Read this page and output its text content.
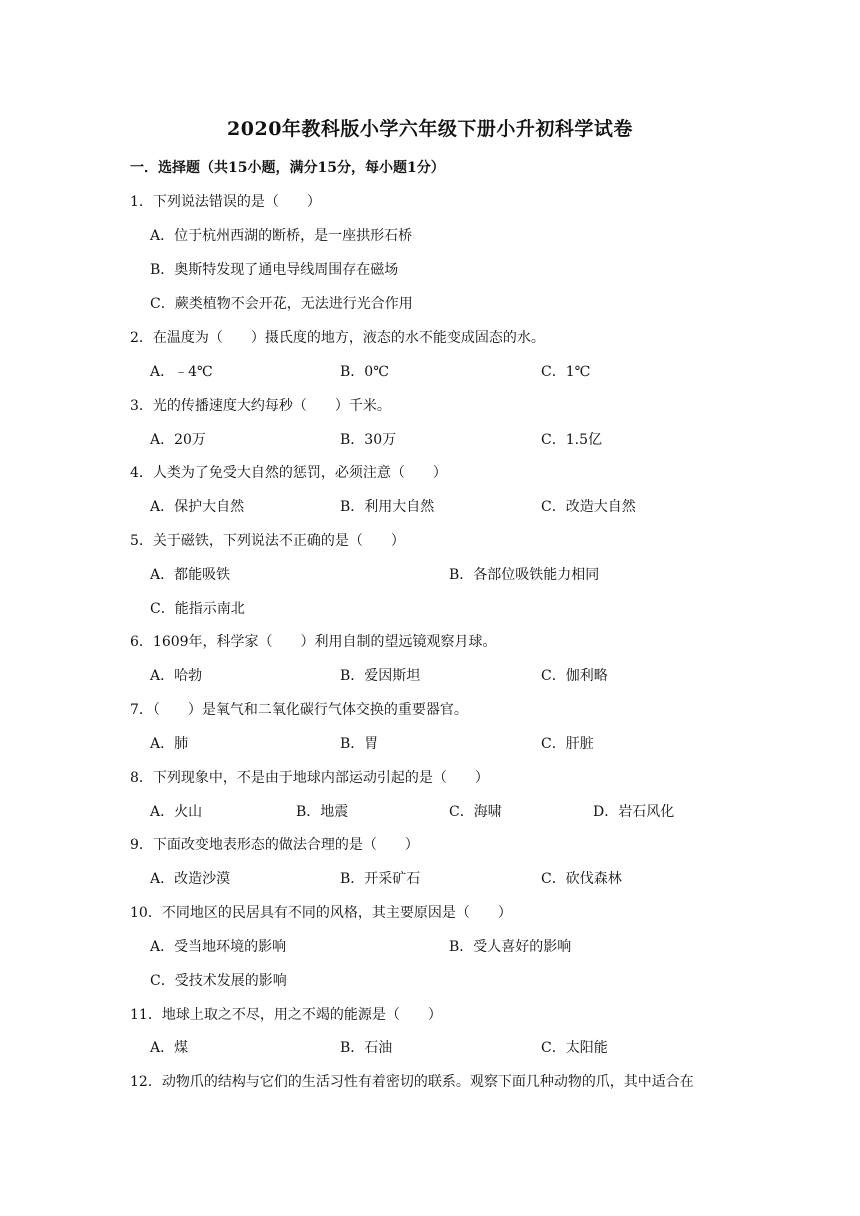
2020年教科版小学六年级下册小升初科学试卷
一．选择题（共15小题，满分15分，每小题1分）
1．下列说法错误的是（　　）
A．位于杭州西湖的断桥，是一座拱形石桥
B．奥斯特发现了通电导线周围存在磁场
C．蕨类植物不会开花，无法进行光合作用
2．在温度为（　　）摄氏度的地方，液态的水不能变成固态的水。
A．﹣4℃	B．0℃	C．1℃
3．光的传播速度大约每秒（　　）千米。
A．20万	B．30万	C．1.5亿
4．人类为了免受大自然的惩罚，必须注意（　　）
A．保护大自然	B．利用大自然	C．改造大自然
5．关于磁铁，下列说法不正确的是（　　）
A．都能吸铁	B．各部位吸铁能力相同
C．能指示南北
6．1609年，科学家（　　）利用自制的望远镜观察月球。
A．哈勃	B．爱因斯坦	C．伽利略
7．（　　）是氧气和二氧化碳行气体交换的重要器官。
A．肺	B．胃	C．肝脏
8．下列现象中，不是由于地球内部运动引起的是（　　）
A．火山	B．地震	C．海啸	D．岩石风化
9．下面改变地表形态的做法合理的是（　　）
A．改造沙漠	B．开采矿石	C．砍伐森林
10．不同地区的民居具有不同的风格，其主要原因是（　　）
A．受当地环境的影响	B．受人喜好的影响
C．受技术发展的影响
11．地球上取之不尽，用之不竭的能源是（　　）
A．煤	B．石油	C．太阳能
12．动物爪的结构与它们的生活习性有着密切的联系。观察下面几种动物的爪，其中适合在
